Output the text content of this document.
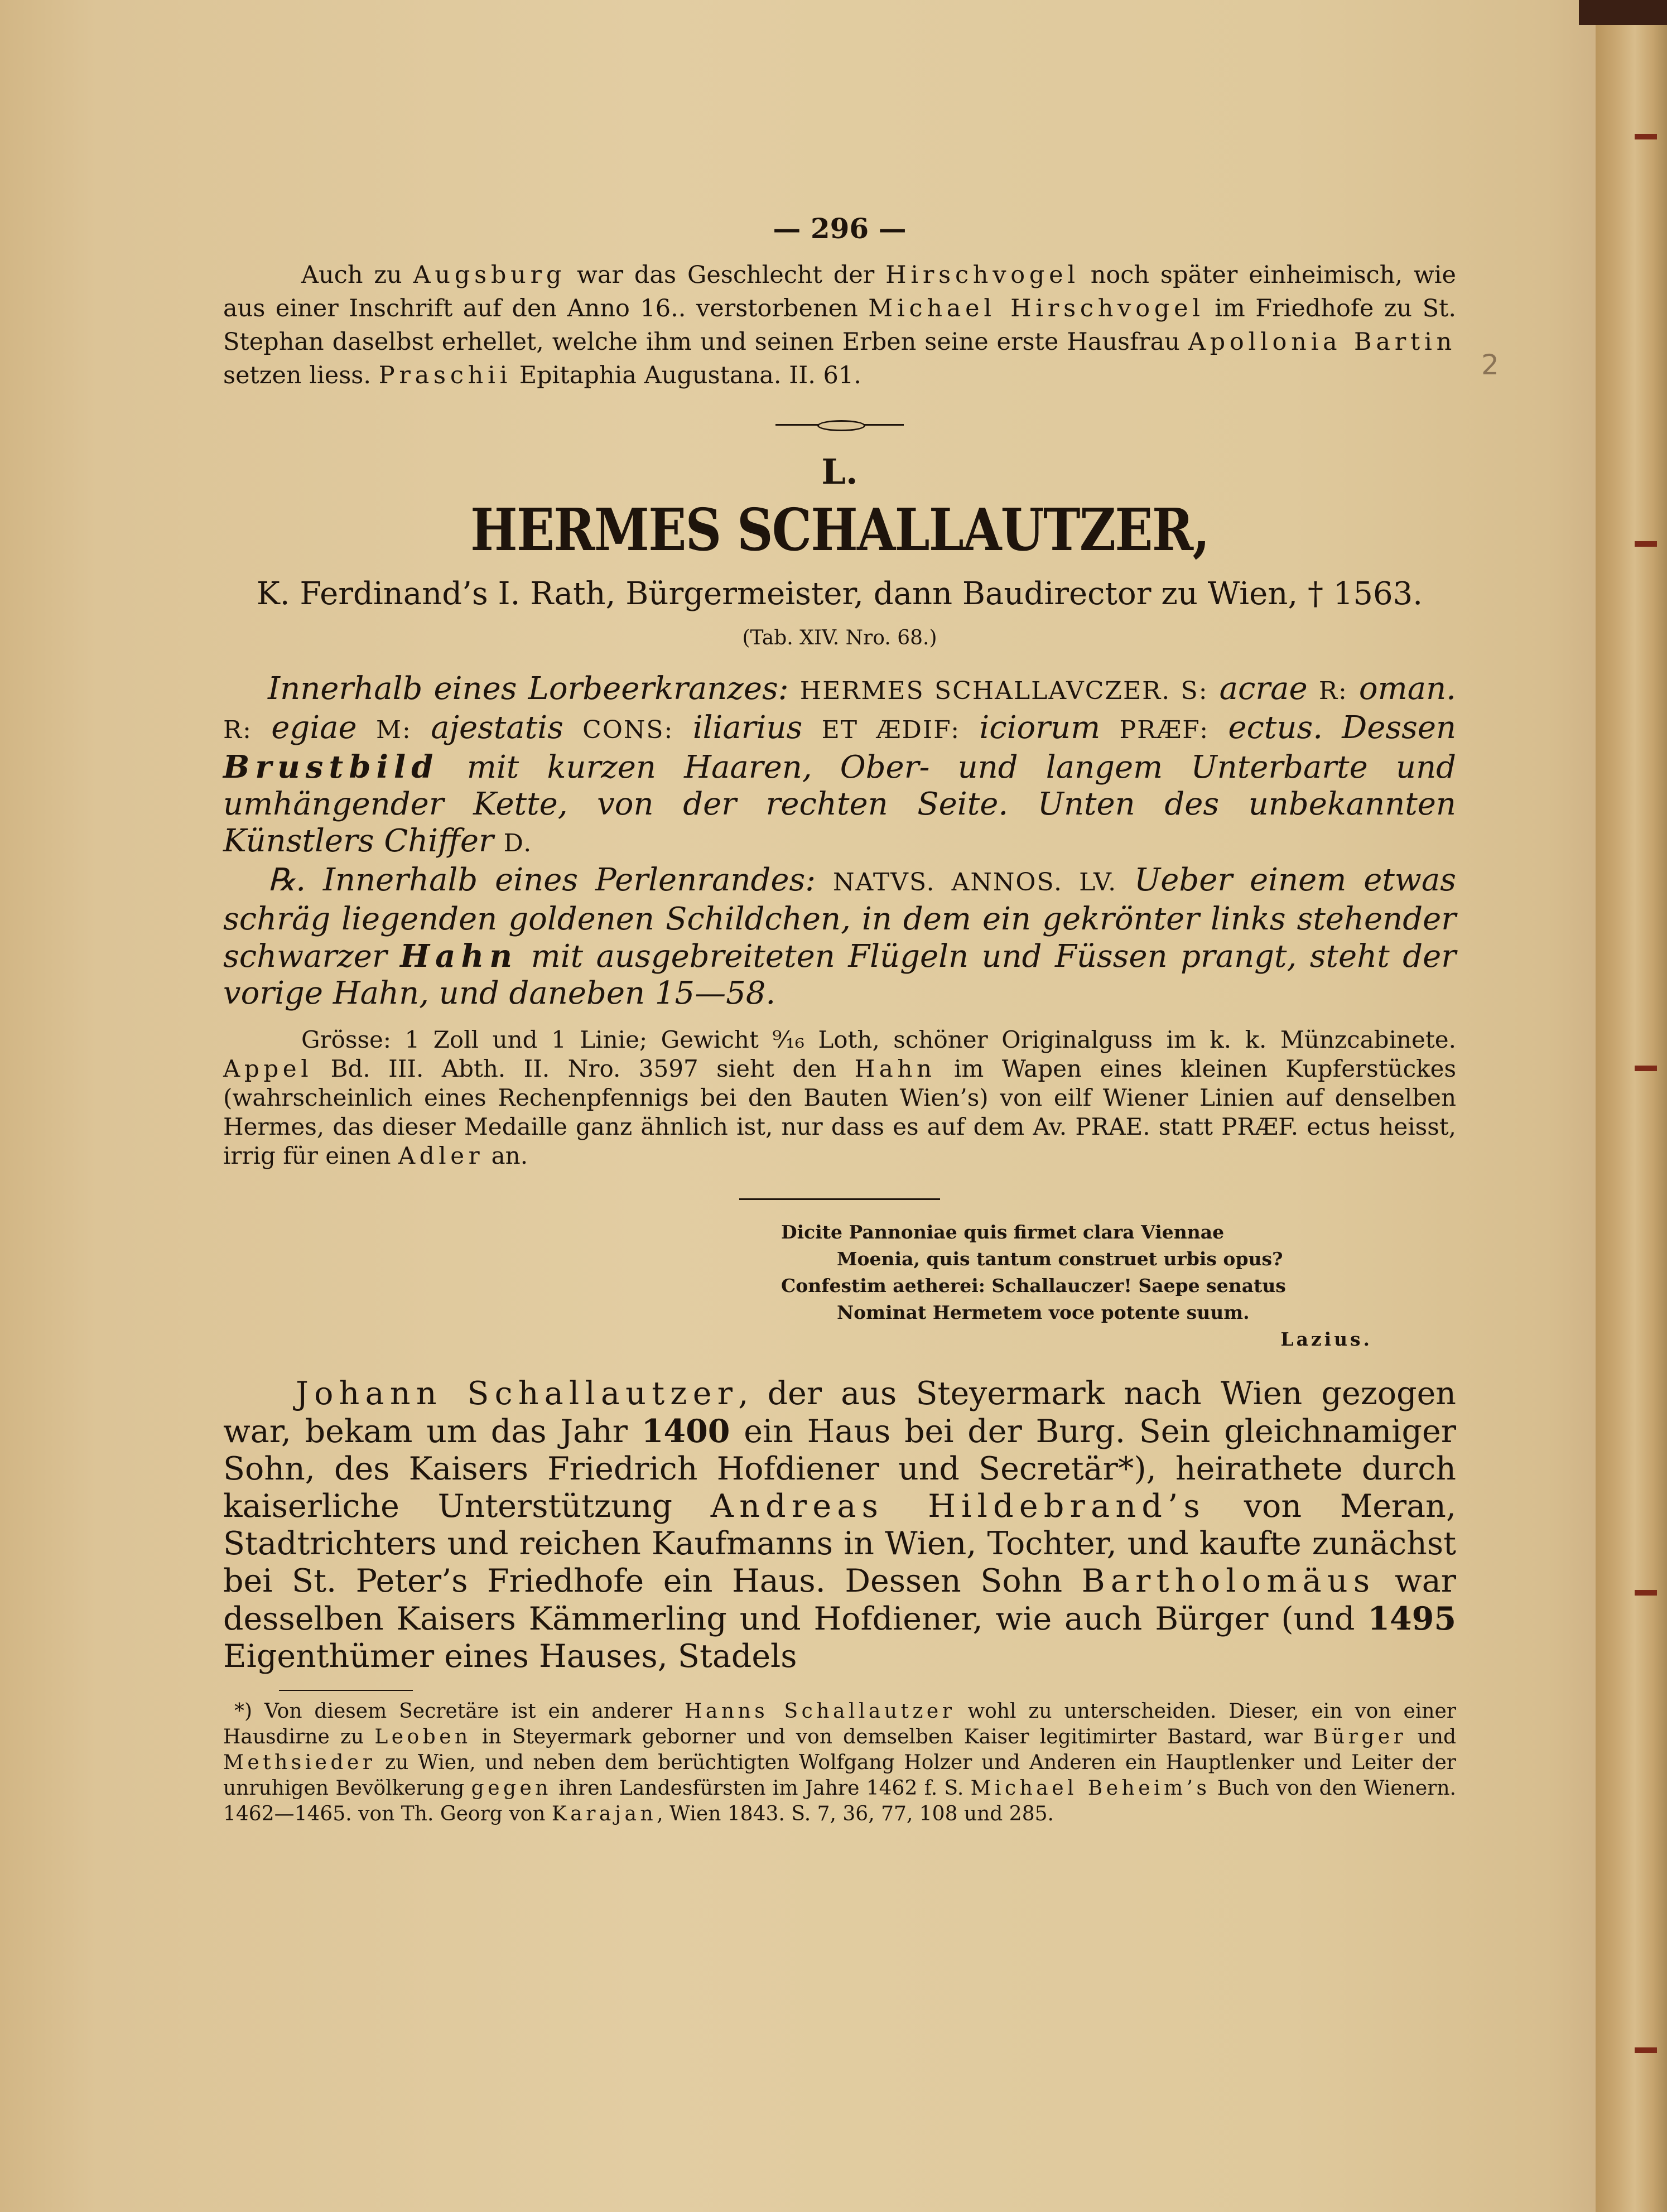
— 296 —

Auch zu Augsburg war das Geschlecht der Hirschvogel noch später einheimisch, wie aus einer Inschrift auf den Anno 16.. verstorbenen Michael Hirschvogel im Friedhofe zu St. Stephan daselbst erhellet, welche ihm und seinen Erben seine erste Hausfrau Apollonia Bartin setzen liess. Praschii Epitaphia Augustana. II. 61.

L.
HERMES SCHALLAUTZER,
K. Ferdinand’s I. Rath, Bürgermeister, dann Baudirector zu Wien, † 1563.
(Tab. XIV. Nro. 68.)

Innerhalb eines Lorbeerkranzes: HERMES SCHALLAVCZER. S: acrae R: oman. R: egiae M: ajestatis CONS: iliarius ET ÆDIF: iciorum PRÆF: ectus. Dessen Brustbild mit kurzen Haaren, Ober- und langem Unterbarte und umhängender Kette, von der rechten Seite. Unten des unbekannten Künstlers Chiffer D.

℞. Innerhalb eines Perlenrandes: NATVS. ANNOS. LV. Ueber einem etwas schräg liegenden goldenen Schildchen, in dem ein gekrönter links stehender schwarzer Hahn mit ausgebreiteten Flügeln und Füssen prangt, steht der vorige Hahn, und daneben 15—58.

Grösse: 1 Zoll und 1 Linie; Gewicht ⁹⁄₁₆ Loth, schöner Originalguss im k. k. Münzcabinete. Appel Bd. III. Abth. II. Nro. 3597 sieht den Hahn im Wapen eines kleinen Kupferstückes (wahrscheinlich eines Rechenpfennigs bei den Bauten Wien’s) von eilf Wiener Linien auf denselben Hermes, das dieser Medaille ganz ähnlich ist, nur dass es auf dem Av. PRAE. statt PRÆF. ectus heisst, irrig für einen Adler an.

Dicite Pannoniae quis firmet clara Viennae
Moenia, quis tantum construet urbis opus?
Confestim aetherei: Schallauczer! Saepe senatus
Nominat Hermetem voce potente suum.
Lazius.

Johann Schallautzer, der aus Steyermark nach Wien gezogen war, bekam um das Jahr 1400 ein Haus bei der Burg. Sein gleichnamiger Sohn, des Kaisers Friedrich Hofdiener und Secretär*), heirathete durch kaiserliche Unterstützung Andreas Hildebrand’s von Meran, Stadtrichters und reichen Kaufmanns in Wien, Tochter, und kaufte zunächst bei St. Peter’s Friedhofe ein Haus. Dessen Sohn Bartholomäus war desselben Kaisers Kämmerling und Hofdiener, wie auch Bürger (und 1495 Eigenthümer eines Hauses, Stadels

*) Von diesem Secretäre ist ein anderer Hanns Schallautzer wohl zu unterscheiden. Dieser, ein von einer Hausdirne zu Leoben in Steyermark geborner und von demselben Kaiser legitimirter Bastard, war Bürger und Methsieder zu Wien, und neben dem berüchtigten Wolfgang Holzer und Anderen ein Hauptlenker und Leiter der unruhigen Bevölkerung gegen ihren Landesfürsten im Jahre 1462 f. S. Michael Beheim’s Buch von den Wienern. 1462—1465. von Th. Georg von Karajan, Wien 1843. S. 7, 36, 77, 108 und 285.

2
